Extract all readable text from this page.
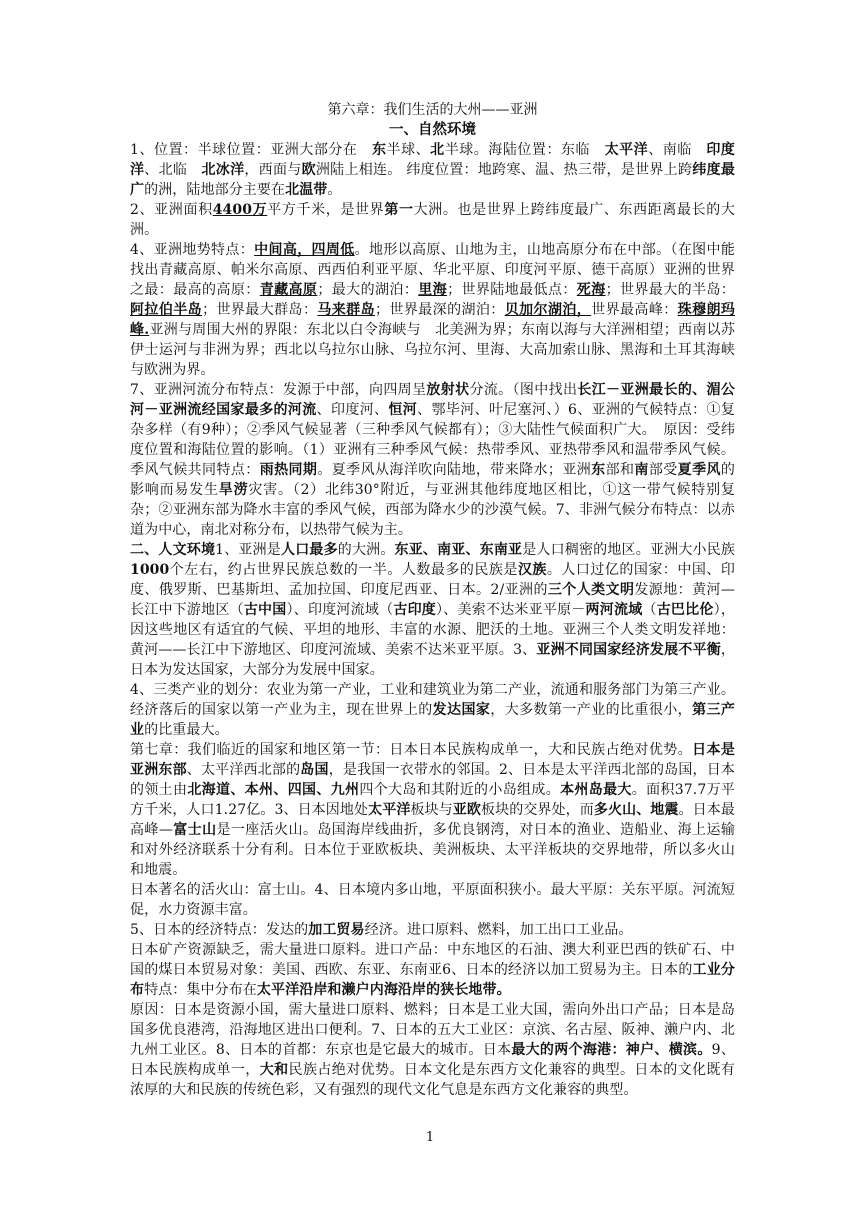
第六章：我们生活的大州——亚洲
一、自然环境

1、位置：半球位置：亚洲大部分在　东半球、北半球。海陆位置：东临　太平洋、南临　印度洋、北临　北冰洋，西面与欧洲陆上相连。 纬度位置：地跨寒、温、热三带，是世界上跨纬度最广的洲，陆地部分主要在北温带。

2、亚洲面积4400万平方千米，是世界第一大洲。也是世界上跨纬度最广、东西距离最长的大洲。

4、亚洲地势特点：中间高，四周低。地形以高原、山地为主，山地高原分布在中部。（在图中能找出青藏高原、帕米尔高原、西西伯利亚平原、华北平原、印度河平原、德干高原）亚洲的世界之最：最高的高原：青藏高原；最大的湖泊：里海；世界陆地最低点：死海；世界最大的半岛：阿拉伯半岛；世界最大群岛：马来群岛；世界最深的湖泊：贝加尔湖泊，世界最高峰：珠穆朗玛峰.亚洲与周围大州的界限：东北以白令海峡与　北美洲为界；东南以海与大洋洲相望；西南以苏伊士运河与非洲为界；西北以乌拉尔山脉、乌拉尔河、里海、大高加索山脉、黑海和土耳其海峡与欧洲为界。

7、亚洲河流分布特点：发源于中部，向四周呈放射状分流。（图中找出长江－亚洲最长的、湄公河－亚洲流经国家最多的河流、印度河、恒河、鄂毕河、叶尼塞河、）6、亚洲的气候特点：①复杂多样（有9种）；②季风气候显著（三种季风气候都有）；③大陆性气候面积广大。　原因：受纬度位置和海陆位置的影响。（1）亚洲有三种季风气候：热带季风、亚热带季风和温带季风气候。季风气候共同特点：雨热同期。夏季风从海洋吹向陆地，带来降水；亚洲东部和南部受夏季风的影响而易发生旱涝灾害。（2）北纬30°附近，与亚洲其他纬度地区相比，①这一带气候特别复杂；②亚洲东部为降水丰富的季风气候，西部为降水少的沙漠气候。7、非洲气候分布特点：以赤道为中心，南北对称分布，以热带气候为主。

二、人文环境1、亚洲是人口最多的大洲。东亚、南亚、东南亚是人口稠密的地区。亚洲大小民族1000个左右，约占世界民族总数的一半。人数最多的民族是汉族。人口过亿的国家：中国、印度、俄罗斯、巴基斯坦、孟加拉国、印度尼西亚、日本。2/亚洲的三个人类文明发源地：黄河—长江中下游地区（古中国）、印度河流域（古印度）、美索不达米亚平原－两河流域（古巴比伦），因这些地区有适宜的气候、平坦的地形、丰富的水源、肥沃的土地。亚洲三个人类文明发祥地：黄河——长江中下游地区、印度河流域、美索不达米亚平原。3、亚洲不同国家经济发展不平衡，日本为发达国家，大部分为发展中国家。

4、三类产业的划分：农业为第一产业，工业和建筑业为第二产业，流通和服务部门为第三产业。经济落后的国家以第一产业为主，现在世界上的发达国家，大多数第一产业的比重很小，第三产业的比重最大。

第七章：我们临近的国家和地区第一节：日本日本民族构成单一，大和民族占绝对优势。日本是亚洲东部、太平洋西北部的岛国，是我国一衣带水的邻国。2、日本是太平洋西北部的岛国，日本的领土由北海道、本州、四国、九州四个大岛和其附近的小岛组成。本州岛最大。面积37.7万平方千米，人口1.27亿。3、日本因地处太平洋板块与亚欧板块的交界处，而多火山、地震。日本最高峰—富士山是一座活火山。岛国海岸线曲折，多优良钢湾，对日本的渔业、造船业、海上运输和对外经济联系十分有利。日本位于亚欧板块、美洲板块、太平洋板块的交界地带，所以多火山和地震。

日本著名的活火山：富士山。4、日本境内多山地，平原面积狭小。最大平原：关东平原。河流短促，水力资源丰富。

5、日本的经济特点：发达的加工贸易经济。进口原料、燃料，加工出口工业品。

日本矿产资源缺乏，需大量进口原料。进口产品：中东地区的石油、澳大利亚巴西的铁矿石、中国的煤日本贸易对象：美国、西欧、东亚、东南亚6、日本的经济以加工贸易为主。日本的工业分布特点：集中分布在太平洋沿岸和濑户内海沿岸的狭长地带。

原因：日本是资源小国，需大量进口原料、燃料；日本是工业大国，需向外出口产品；日本是岛国多优良港湾，沿海地区进出口便利。7、日本的五大工业区：京滨、名古屋、阪神、濑户内、北九州工业区。8、日本的首都：东京也是它最大的城市。日本最大的两个海港：神户、横滨。9、日本民族构成单一，大和民族占绝对优势。日本文化是东西方文化兼容的典型。日本的文化既有浓厚的大和民族的传统色彩，又有强烈的现代文化气息是东西方文化兼容的典型。

1
